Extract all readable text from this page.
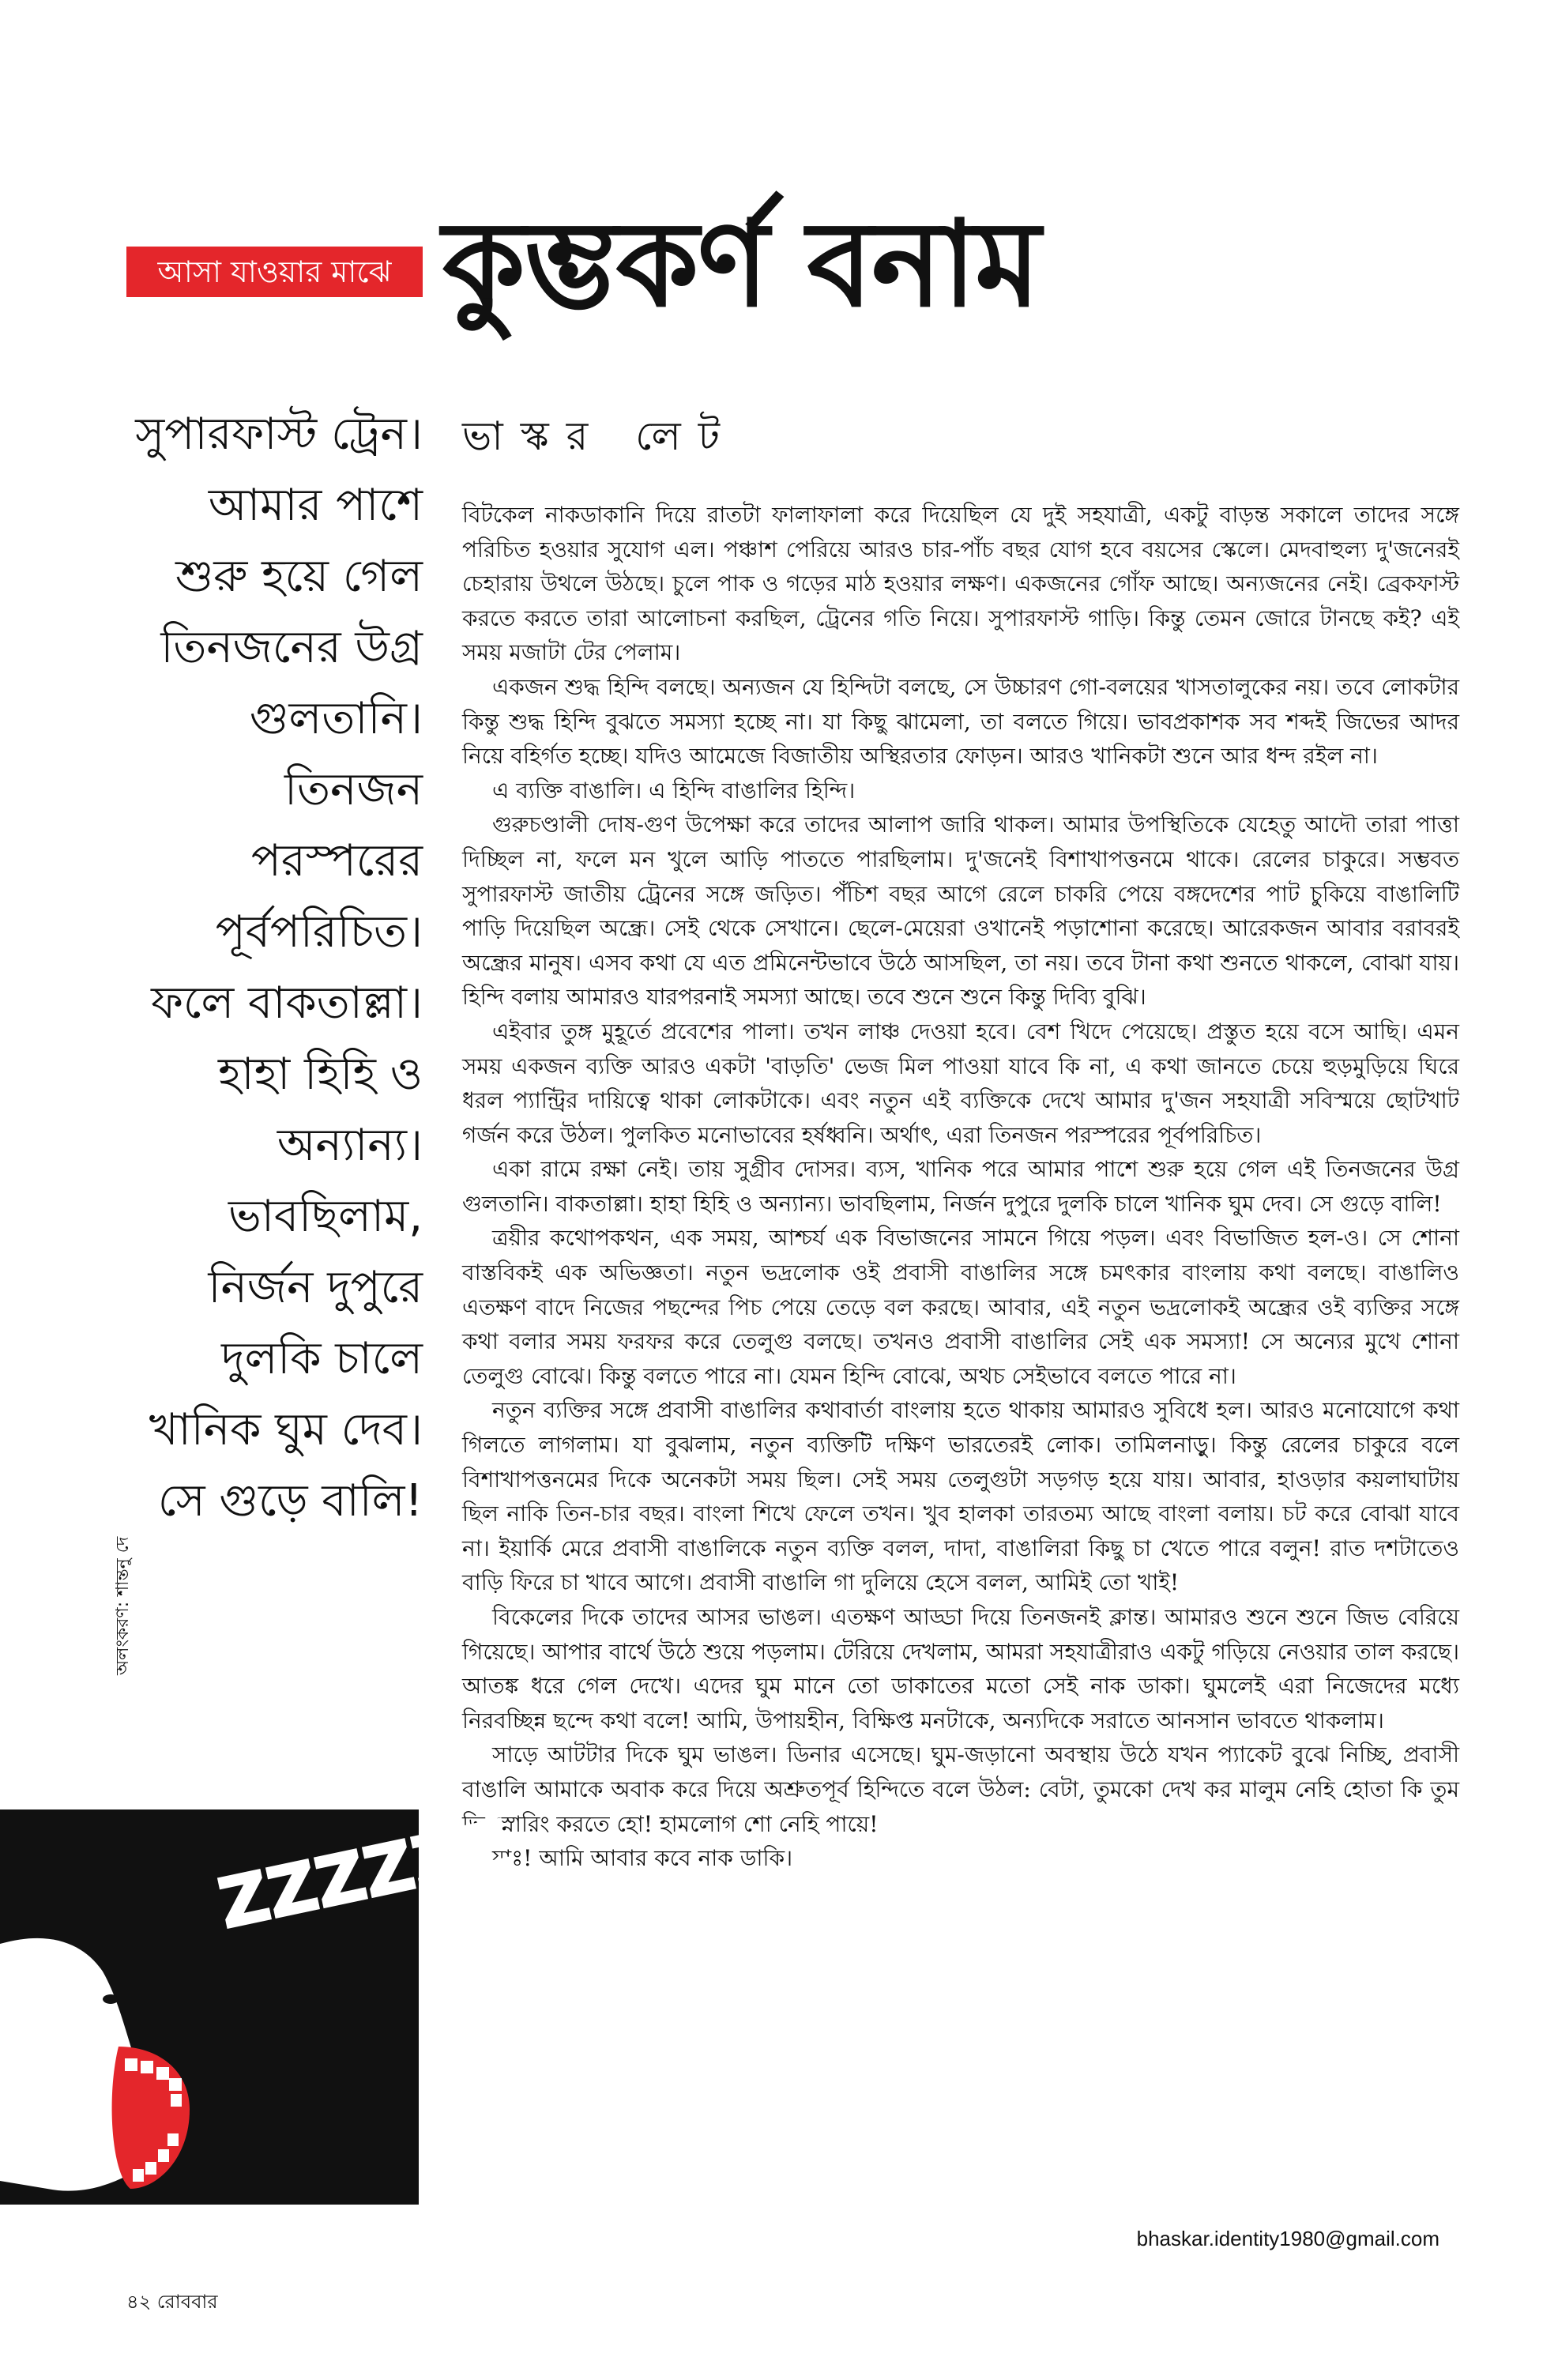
আসা যাওয়ার মাঝে কুম্ভকর্ণ বনাম
সুপারফাস্ট ট্রেন।
আমার পাশে
শুরু হয়ে গেল
তিনজনের উগ্র
গুলতানি।
তিনজন
পরস্পরের
পূর্বপরিচিত।
ফলে বাকতাল্লা।
হাহা হিহি ও
অন্যান্য।
ভাবছিলাম,
নির্জন দুপুরে
দুলকি চালে
খানিক ঘুম দেব।
সে গুড়ে বালি!
ভাস্কর লেট

বিটকেল নাকডাকানি দিয়ে রাতটা ফালাফালা করে দিয়েছিল যে দুই সহযাত্রী, একটু বাড়ন্ত সকালে তাদের সঙ্গে পরিচিত হওয়ার সুযোগ এল। পঞ্চাশ পেরিয়ে আরও চার-পাঁচ বছর যোগ হবে বয়সের স্কেলে। মেদবাহুল্য দু'জনেরই চেহারায় উথলে উঠছে। চুলে পাক ও গড়ের মাঠ হওয়ার লক্ষণ। একজনের গোঁফ আছে। অন্যজনের নেই। ব্রেকফাস্ট করতে করতে তারা আলোচনা করছিল, ট্রেনের গতি নিয়ে। সুপারফাস্ট গাড়ি। কিন্তু তেমন জোরে টানছে কই? এই সময় মজাটা টের পেলাম।

একজন শুদ্ধ হিন্দি বলছে। অন্যজন যে হিন্দিটা বলছে, সে উচ্চারণ গো-বলয়ের খাসতালুকের নয়। তবে লোকটার কিন্তু শুদ্ধ হিন্দি বুঝতে সমস্যা হচ্ছে না। যা কিছু ঝামেলা, তা বলতে গিয়ে। ভাবপ্রকাশক সব শব্দই জিভের আদর নিয়ে বহির্গত হচ্ছে। যদিও আমেজে বিজাতীয় অস্থিরতার ফোড়ন। আরও খানিকটা শুনে আর ধন্দ রইল না।

এ ব্যক্তি বাঙালি। এ হিন্দি বাঙালির হিন্দি।

গুরুচণ্ডালী দোষ-গুণ উপেক্ষা করে তাদের আলাপ জারি থাকল। আমার উপস্থিতিকে যেহেতু আদৌ তারা পাত্তা দিচ্ছিল না, ফলে মন খুলে আড়ি পাততে পারছিলাম। দু'জনেই বিশাখাপত্তনমে থাকে। রেলের চাকুরে। সম্ভবত সুপারফাস্ট জাতীয় ট্রেনের সঙ্গে জড়িত। পঁচিশ বছর আগে রেলে চাকরি পেয়ে বঙ্গদেশের পাট চুকিয়ে বাঙালিটি পাড়ি দিয়েছিল অন্ধ্রে। সেই থেকে সেখানে। ছেলে-মেয়েরা ওখানেই পড়াশোনা করেছে। আরেকজন আবার বরাবরই অন্ধ্রের মানুষ। এসব কথা যে এত প্রমিনেন্টভাবে উঠে আসছিল, তা নয়। তবে টানা কথা শুনতে থাকলে, বোঝা যায়। হিন্দি বলায় আমারও যারপরনাই সমস্যা আছে। তবে শুনে শুনে কিন্তু দিব্যি বুঝি।

এইবার তুঙ্গ মুহূর্তে প্রবেশের পালা। তখন লাঞ্চ দেওয়া হবে। বেশ খিদে পেয়েছে। প্রস্তুত হয়ে বসে আছি। এমন সময় একজন ব্যক্তি আরও একটা 'বাড়তি' ভেজ মিল পাওয়া যাবে কি না, এ কথা জানতে চেয়ে হুড়মুড়িয়ে ঘিরে ধরল প্যান্ট্রির দায়িত্বে থাকা লোকটাকে। এবং নতুন এই ব্যক্তিকে দেখে আমার দু'জন সহযাত্রী সবিস্ময়ে ছোটখাট গর্জন করে উঠল। পুলকিত মনোভাবের হর্ষধ্বনি। অর্থাৎ, এরা তিনজন পরস্পরের পূর্বপরিচিত।

একা রামে রক্ষা নেই। তায় সুগ্রীব দোসর। ব্যস, খানিক পরে আমার পাশে শুরু হয়ে গেল এই তিনজনের উগ্র গুলতানি। বাকতাল্লা। হাহা হিহি ও অন্যান্য। ভাবছিলাম, নির্জন দুপুরে দুলকি চালে খানিক ঘুম দেব। সে গুড়ে বালি!

ত্রয়ীর কথোপকথন, এক সময়, আশ্চর্য এক বিভাজনের সামনে গিয়ে পড়ল। এবং বিভাজিত হল-ও। সে শোনা বাস্তবিকই এক অভিজ্ঞতা। নতুন ভদ্রলোক ওই প্রবাসী বাঙালির সঙ্গে চমৎকার বাংলায় কথা বলছে। বাঙালিও এতক্ষণ বাদে নিজের পছন্দের পিচ পেয়ে তেড়ে বল করছে। আবার, এই নতুন ভদ্রলোকই অন্ধ্রের ওই ব্যক্তির সঙ্গে কথা বলার সময় ফরফর করে তেলুগু বলছে। তখনও প্রবাসী বাঙালির সেই এক সমস্যা! সে অন্যের মুখে শোনা তেলুগু বোঝে। কিন্তু বলতে পারে না। যেমন হিন্দি বোঝে, অথচ সেইভাবে বলতে পারে না।

নতুন ব্যক্তির সঙ্গে প্রবাসী বাঙালির কথাবার্তা বাংলায় হতে থাকায় আমারও সুবিধে হল। আরও মনোযোগে কথা গিলতে লাগলাম। যা বুঝলাম, নতুন ব্যক্তিটি দক্ষিণ ভারতেরই লোক। তামিলনাড়ু। কিন্তু রেলের চাকুরে বলে বিশাখাপত্তনমের দিকে অনেকটা সময় ছিল। সেই সময় তেলুগুটা সড়গড় হয়ে যায়। আবার, হাওড়ার কয়লাঘাটায় ছিল নাকি তিন-চার বছর। বাংলা শিখে ফেলে তখন। খুব হালকা তারতম্য আছে বাংলা বলায়। চট করে বোঝা যাবে না। ইয়ার্কি মেরে প্রবাসী বাঙালিকে নতুন ব্যক্তি বলল, দাদা, বাঙালিরা কিছু চা খেতে পারে বলুন! রাত দশটাতেও বাড়ি ফিরে চা খাবে আগে। প্রবাসী বাঙালি গা দুলিয়ে হেসে বলল, আমিই তো খাই!

বিকেলের দিকে তাদের আসর ভাঙল। এতক্ষণ আড্ডা দিয়ে তিনজনই ক্লান্ত। আমারও শুনে শুনে জিভ বেরিয়ে গিয়েছে। আপার বার্থে উঠে শুয়ে পড়লাম। টেরিয়ে দেখলাম, আমরা সহযাত্রীরাও একটু গড়িয়ে নেওয়ার তাল করছে। আতঙ্ক ধরে গেল দেখে। এদের ঘুম মানে তো ডাকাতের মতো সেই নাক ডাকা। ঘুমলেই এরা নিজেদের মধ্যে নিরবচ্ছিন্ন ছন্দে কথা বলে! আমি, উপায়হীন, বিক্ষিপ্ত মনটাকে, অন্যদিকে সরাতে আনসান ভাবতে থাকলাম।

সাড়ে আটটার দিকে ঘুম ভাঙল। ডিনার এসেছে। ঘুম-জড়ানো অবস্থায় উঠে যখন প্যাকেট বুঝে নিচ্ছি, প্রবাসী বাঙালি আমাকে অবাক করে দিয়ে অশ্রুতপূর্ব হিন্দিতে বলে উঠল: বেটা, তুমকো দেখ কর মালুম নেহি হোতা কি তুম ভি স্নোরিং করতে হো! হামলোগ শো নেহি পায়ে!

যাঃ! আমি আবার কবে নাক ডাকি।

অলংকরণ: শান্তনু দে
ZZZZZZ
bhaskar.identity1980@gmail.com
৪২ রোববার
